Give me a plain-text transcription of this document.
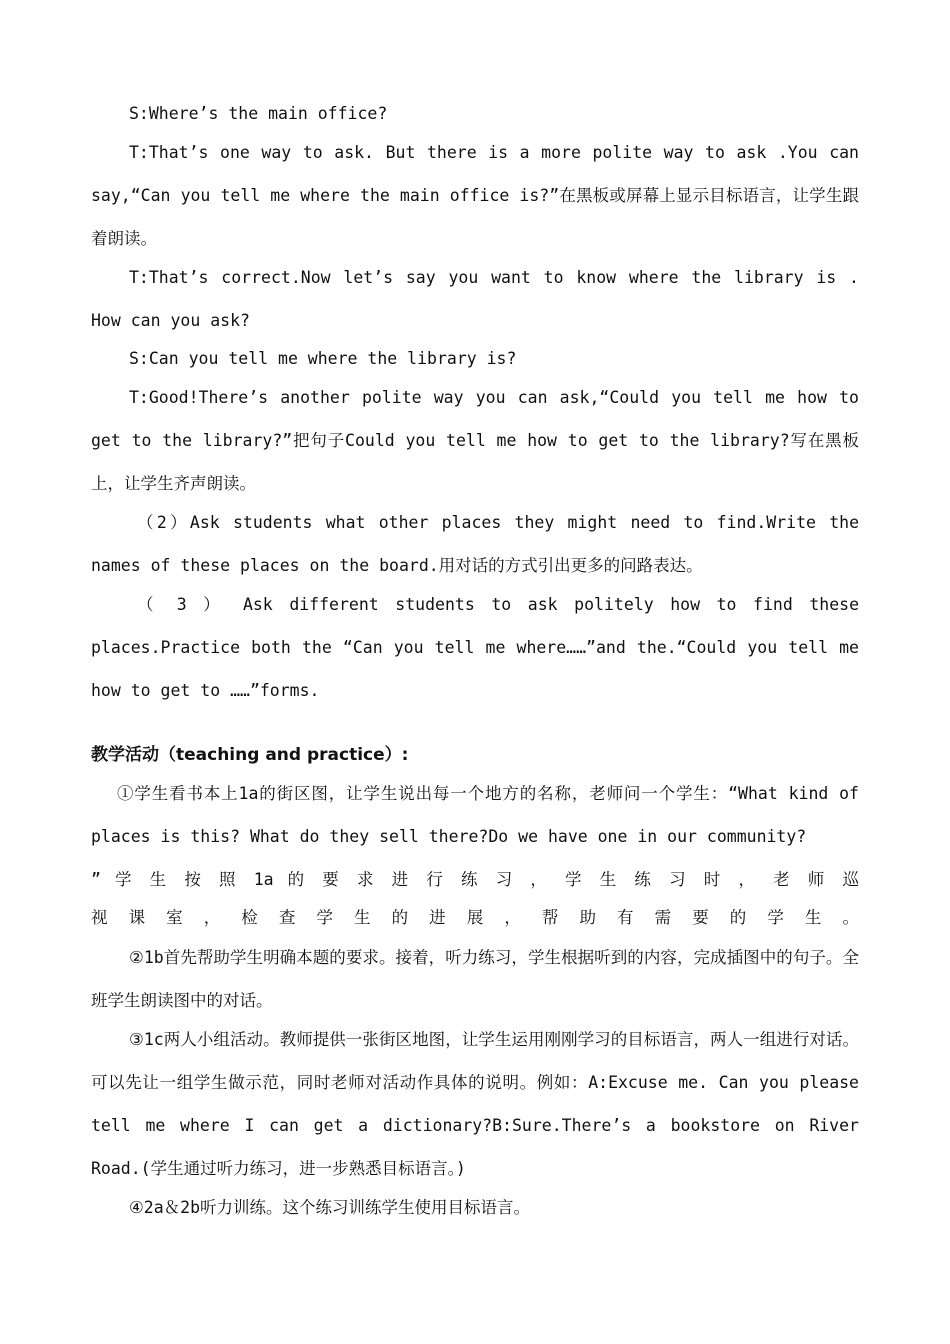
S:Where’s the main office?

T:That’s one way to ask. But there is a more polite way to ask .You can say,“Can you tell me where the main office is?”在黑板或屏幕上显示目标语言，让学生跟着朗读。

T:That’s correct.Now let’s say you want to know where the library is . How can you ask?

S:Can you tell me where the library is?

T:Good!There’s another polite way you can ask,“Could you tell me how to get to the library?”把句子Could you tell me how to get to the library?写在黑板上，让学生齐声朗读。

（2）Ask students what other places they might need to find.Write the names of these places on the board.用对话的方式引出更多的问路表达。

（ 3 ） Ask different students to ask politely how to find these places.Practice both the “Can you tell me where……”and the.“Could you tell me how to get to ……”forms.

教学活动（teaching and practice）:

①学生看书本上1a的街区图，让学生说出每一个地方的名称，老师问一个学生：“What kind of places is this? What do they sell there?Do we have one in our community?

” 学 生 按 照 1a 的 要 求 进 行 练 习 ， 学 生 练 习 时 ， 老 师 巡

视 课 室 ， 检 查 学 生 的 进 展 ， 帮 助 有 需 要 的 学 生 。

②1b首先帮助学生明确本题的要求。接着，听力练习，学生根据听到的内容，完成插图中的句子。全班学生朗读图中的对话。

③1c两人小组活动。教师提供一张街区地图，让学生运用刚刚学习的目标语言，两人一组进行对话。可以先让一组学生做示范，同时老师对活动作具体的说明。例如：A:Excuse me. Can you please tell me where I can get a dictionary?B:Sure.There’s a bookstore on River Road.(学生通过听力练习，进一步熟悉目标语言。)

④2a＆2b听力训练。这个练习训练学生使用目标语言。
